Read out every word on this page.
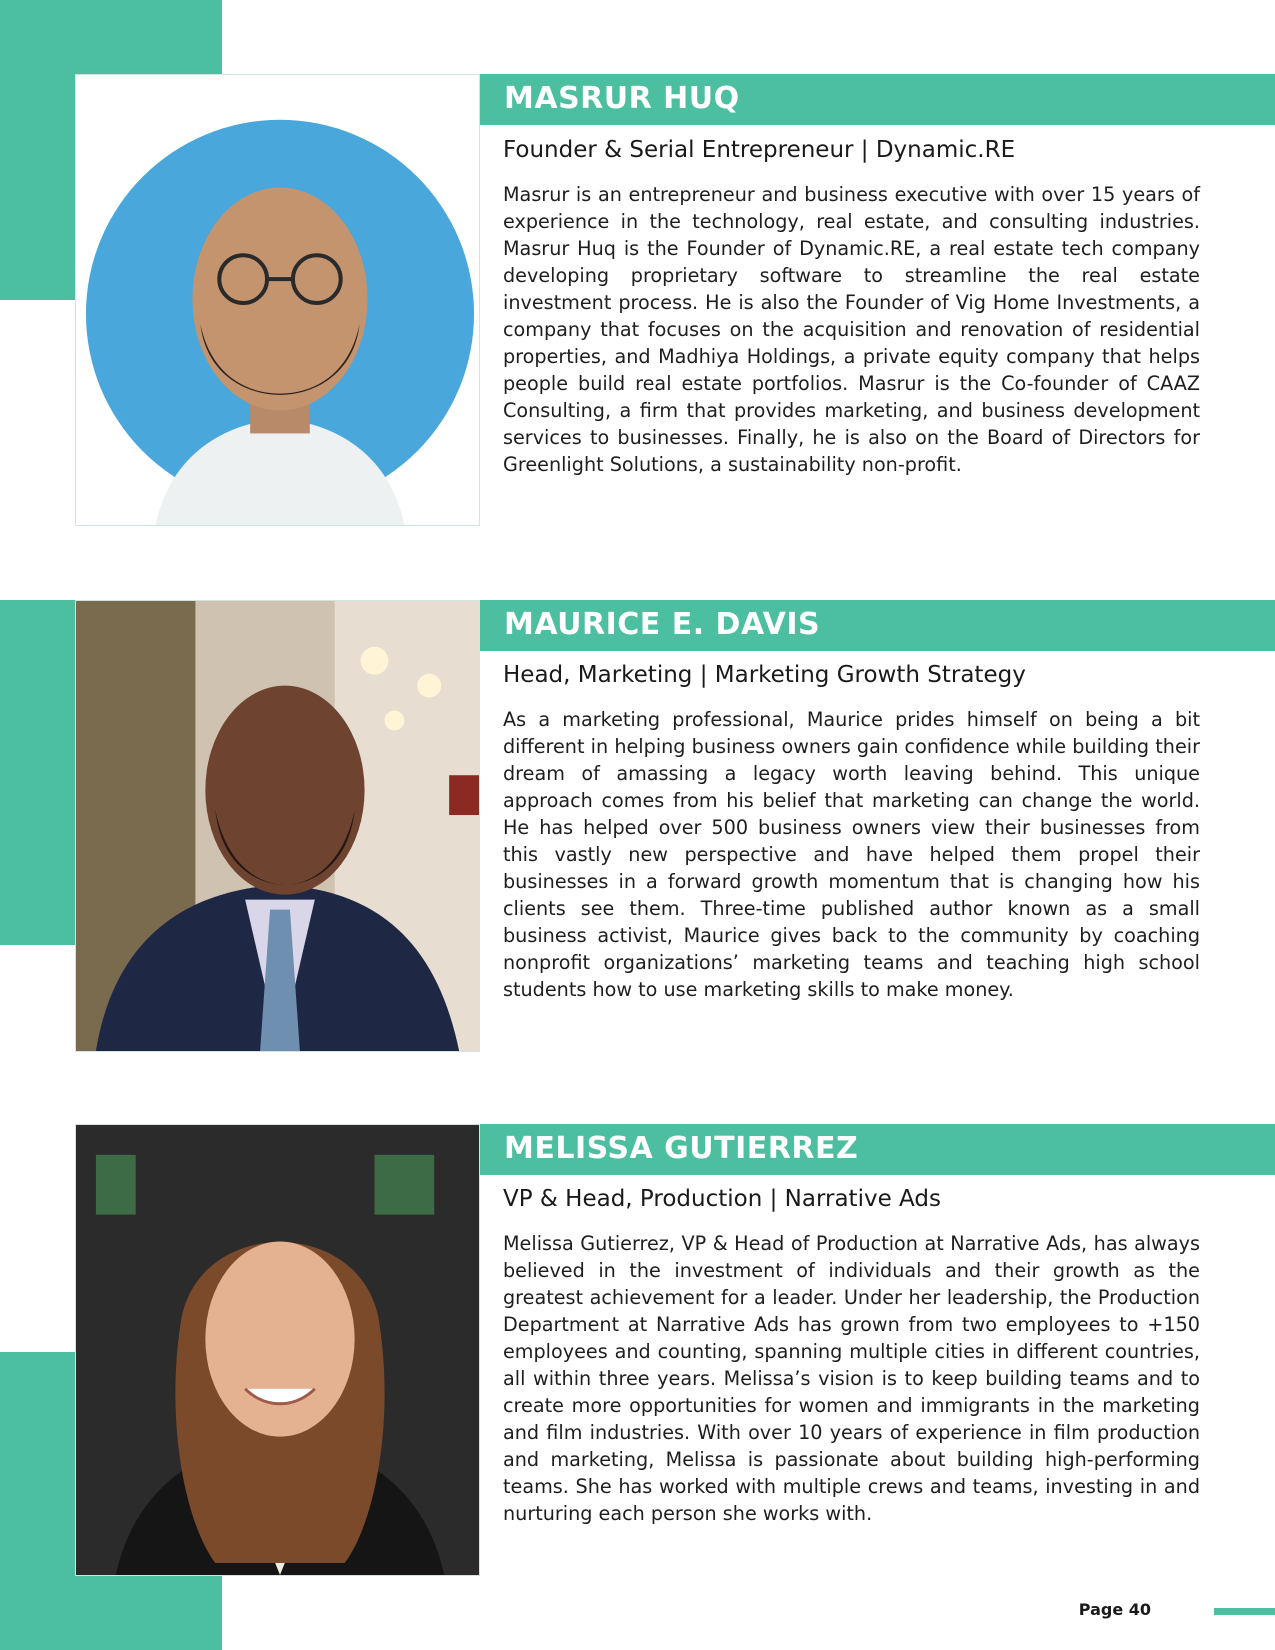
MASRUR HUQ

Founder & Serial Entrepreneur | Dynamic.RE

Masrur is an entrepreneur and business executive with over 15 years of experience in the technology, real estate, and consulting industries. Masrur Huq is the Founder of Dynamic.RE, a real estate tech company developing proprietary software to streamline the real estate investment process. He is also the Founder of Vig Home Investments, a company that focuses on the acquisition and renovation of residential properties, and Madhiya Holdings, a private equity company that helps people build real estate portfolios. Masrur is the Co-founder of CAAZ Consulting, a firm that provides marketing, and business development services to businesses. Finally, he is also on the Board of Directors for Greenlight Solutions, a sustainability non-profit.

MAURICE E. DAVIS

Head, Marketing | Marketing Growth Strategy

As a marketing professional, Maurice prides himself on being a bit different in helping business owners gain confidence while building their dream of amassing a legacy worth leaving behind. This unique approach comes from his belief that marketing can change the world. He has helped over 500 business owners view their businesses from this vastly new perspective and have helped them propel their businesses in a forward growth momentum that is changing how his clients see them. Three-time published author known as a small business activist, Maurice gives back to the community by coaching nonprofit organizations’ marketing teams and teaching high school students how to use marketing skills to make money.

MELISSA GUTIERREZ

VP & Head, Production | Narrative Ads

Melissa Gutierrez, VP & Head of Production at Narrative Ads, has always believed in the investment of individuals and their growth as the greatest achievement for a leader. Under her leadership, the Production Department at Narrative Ads has grown from two employees to +150 employees and counting, spanning multiple cities in different countries, all within three years. Melissa’s vision is to keep building teams and to create more opportunities for women and immigrants in the marketing and film industries. With over 10 years of experience in film production and marketing, Melissa is passionate about building high-performing teams. She has worked with multiple crews and teams, investing in and nurturing each person she works with.

Page 40
